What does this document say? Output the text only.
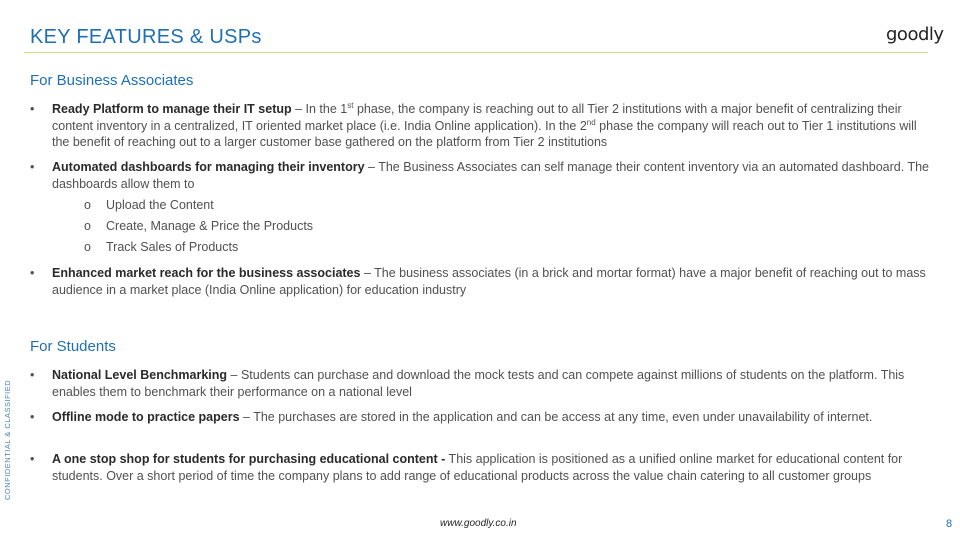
KEY FEATURES & USPs	goodly
For Business Associates
•	Ready Platform to manage their IT setup – In the 1st phase, the company is reaching out to all Tier 2 institutions with a major benefit of centralizing their content inventory in a centralized, IT oriented market place (i.e. India Online application). In the 2nd phase the company will reach out to Tier 1 institutions will the benefit of reaching out to a larger customer base gathered on the platform from Tier 2 institutions
•	Automated dashboards for managing their inventory – The Business Associates can self manage their content inventory via an automated dashboard. The dashboards allow them to
o Upload the Content
o Create, Manage & Price the Products
o Track Sales of Products
•	Enhanced market reach for the business associates – The business associates (in a brick and mortar format) have a major benefit of reaching out to mass audience in a market place (India Online application) for education industry
For Students
•	National Level Benchmarking – Students can purchase and download the mock tests and can compete against millions of students on the platform. This enables them to benchmark their performance on a national level
•	Offline mode to practice papers – The purchases are stored in the application and can be access at any time, even under unavailability of internet.
•	A one stop shop for students for purchasing educational content - This application is positioned as a unified online market for educational content for students. Over a short period of time the company plans to add range of educational products across the value chain catering to all customer groups
CONFIDENTIAL & CLASSIFIED
www.goodly.co.in	8
